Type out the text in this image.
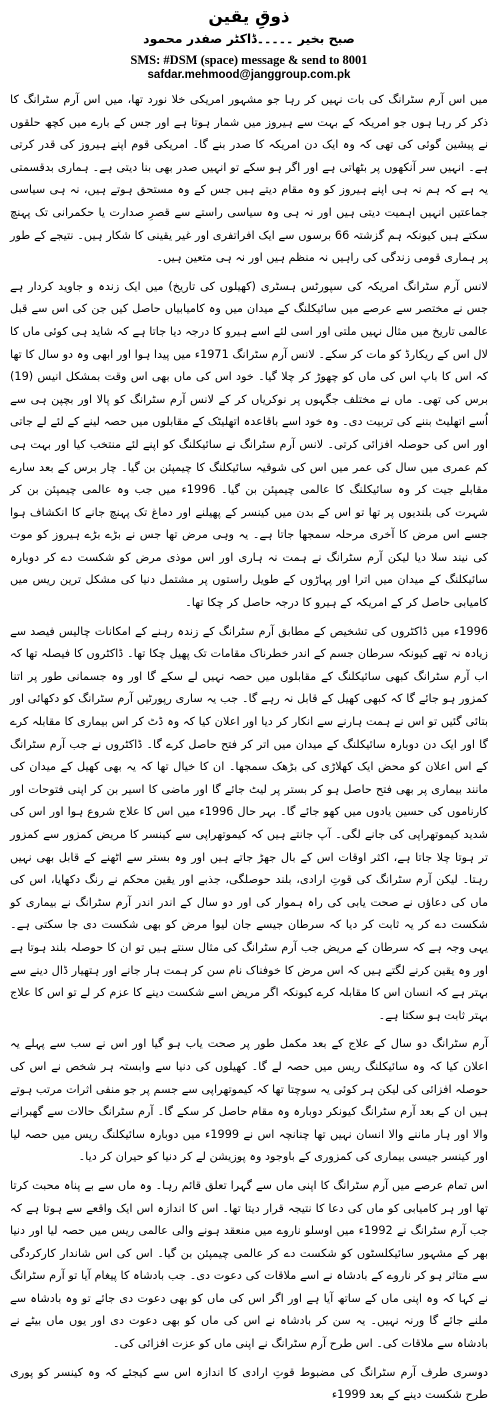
ذوقِ یقین
صبح بخیر ۔۔۔۔۔ڈاکٹر صفدر محمود
SMS: #DSM (space) message & send to 8001
safdar.mehmood@janggroup.com.pk

میں اس آرم سٹرانگ کی بات نہیں کر رہا جو مشہور امریکی خلا نورد تھا، میں اس آرم سٹرانگ کا ذکر کر رہا ہوں جو امریکہ کے بہت سے ہیروز میں شمار ہوتا ہے اور جس کے بارے میں کچھ حلقوں نے پیشین گوئی کی تھی کہ وہ ایک دن امریکہ کا صدر بنے گا۔ امریکی قوم اپنے ہیروز کی قدر کرتی ہے۔ انہیں سر آنکھوں پر بٹھاتی ہے اور اگر ہو سکے تو انہیں صدر بھی بنا دیتی ہے۔ ہماری بدقسمتی یہ ہے کہ ہم نہ ہی اپنے ہیروز کو وہ مقام دیتے ہیں جس کے وہ مستحق ہوتے ہیں، نہ ہی سیاسی جماعتیں انہیں اہمیت دیتی ہیں اور نہ ہی وہ سیاسی راستے سے قصرِ صدارت یا حکمرانی تک پہنچ سکتے ہیں کیونکہ ہم گزشتہ 66 برسوں سے ایک افراتفری اور غیر یقینی کا شکار ہیں۔ نتیجے کے طور پر ہماری قومی زندگی کی راہیں نہ منظم ہیں اور نہ ہی متعین ہیں۔

لانس آرم سٹرانگ امریکہ کی سپورٹس ہسٹری (کھیلوں کی تاریخ) میں ایک زندہ و جاوید کردار ہے جس نے مختصر سے عرصے میں سائیکلنگ کے میدان میں وہ کامیابیاں حاصل کیں جن کی اس سے قبل عالمی تاریخ میں مثال نہیں ملتی اور اسی لئے اسے ہیرو کا درجہ دیا جاتا ہے کہ شاید ہی کوئی ماں کا لال اس کے ریکارڈ کو مات کر سکے۔ لانس آرم سٹرانگ 1971ء میں پیدا ہوا اور ابھی وہ دو سال کا تھا کہ اس کا باپ اس کی ماں کو چھوڑ کر چلا گیا۔ خود اس کی ماں بھی اس وقت بمشکل انیس (19) برس کی تھی۔ ماں نے مختلف جگہوں پر نوکریاں کر کے لانس آرم سٹرانگ کو پالا اور بچپن ہی سے اُسے اتھلیٹ بننے کی تربیت دی۔ وہ خود اسے باقاعدہ اتھلیٹک کے مقابلوں میں حصہ لینے کے لئے لے جاتی اور اس کی حوصلہ افزائی کرتی۔ لانس آرم سٹرانگ نے سائیکلنگ کو اپنے لئے منتخب کیا اور بہت ہی کم عمری میں سال کی عمر میں اس کی شوقیہ سائیکلنگ کا چیمپئن بن گیا۔ چار برس کے بعد سارے مقابلے جیت کر وہ سائیکلنگ کا عالمی چیمپئن بن گیا۔ 1996ء میں جب وہ عالمی چیمپئن بن کر شہرت کی بلندیوں پر تھا تو اس کے بدن میں کینسر کے پھیلنے اور دماغ تک پہنچ جانے کا انکشاف ہوا جسے اس مرض کا آخری مرحلہ سمجھا جاتا ہے۔ یہ وہی مرض تھا جس نے بڑے بڑے ہیروز کو موت کی نیند سلا دیا لیکن آرم سٹرانگ نے ہمت نہ ہاری اور اس موذی مرض کو شکست دے کر دوبارہ سائیکلنگ کے میدان میں اترا اور پہاڑوں کے طویل راستوں پر مشتمل دنیا کی مشکل ترین ریس میں کامیابی حاصل کر کے امریکہ کے ہیرو کا درجہ حاصل کر چکا تھا۔

1996ء میں ڈاکٹروں کی تشخیص کے مطابق آرم سٹرانگ کے زندہ رہنے کے امکانات چالیس فیصد سے زیادہ نہ تھے کیونکہ سرطان جسم کے اندر خطرناک مقامات تک پھیل چکا تھا۔ ڈاکٹروں کا فیصلہ تھا کہ اب آرم سٹرانگ کبھی سائیکلنگ کے مقابلوں میں حصہ نہیں لے سکے گا اور وہ جسمانی طور پر اتنا کمزور ہو جائے گا کہ کبھی کھیل کے قابل نہ رہے گا۔ جب یہ ساری رپورٹیں آرم سٹرانگ کو دکھائی اور بتائی گئیں تو اس نے ہمت ہارنے سے انکار کر دیا اور اعلان کیا کہ وہ ڈٹ کر اس بیماری کا مقابلہ کرے گا اور ایک دن دوبارہ سائیکلنگ کے میدان میں اتر کر فتح حاصل کرے گا۔ ڈاکٹروں نے جب آرم سٹرانگ کے اس اعلان کو محض ایک کھلاڑی کی بڑھک سمجھا۔ ان کا خیال تھا کہ یہ بھی کھیل کے میدان کی مانند بیماری پر بھی فتح حاصل ہو کر بستر پر لیٹ جائے گا اور ماضی کا اسیر بن کر اپنی فتوحات اور کارناموں کی حسین یادوں میں کھو جائے گا۔ بہر حال 1996ء میں اس کا علاج شروع ہوا اور اس کی شدید کیموتھراپی کی جانے لگی۔ آپ جانتے ہیں کہ کیموتھراپی سے کینسر کا مریض کمزور سے کمزور تر ہوتا چلا جاتا ہے، اکثر اوقات اس کے بال جھڑ جاتے ہیں اور وہ بستر سے اٹھنے کے قابل بھی نہیں رہتا۔ لیکن آرم سٹرانگ کی قوتِ ارادی، بلند حوصلگی، جذبے اور یقین محکم نے رنگ دکھایا، اس کی ماں کی دعاؤں نے صحت یابی کی راہ ہموار کی اور دو سال کے اندر اندر آرم سٹرانگ نے بیماری کو شکست دے کر یہ ثابت کر دیا کہ سرطان جیسے جان لیوا مرض کو بھی شکست دی جا سکتی ہے۔ یہی وجہ ہے کہ سرطان کے مریض جب آرم سٹرانگ کی مثال سنتے ہیں تو ان کا حوصلہ بلند ہوتا ہے اور وہ یقین کرنے لگتے ہیں کہ اس مرض کا خوفناک نام سن کر ہمت ہار جانے اور ہتھیار ڈال دینے سے بہتر ہے کہ انسان اس کا مقابلہ کرے کیونکہ اگر مریض اسے شکست دینے کا عزم کر لے تو اس کا علاج بہتر ثابت ہو سکتا ہے۔

آرم سٹرانگ دو سال کے علاج کے بعد مکمل طور پر صحت یاب ہو گیا اور اس نے سب سے پہلے یہ اعلان کیا کہ وہ سائیکلنگ ریس میں حصہ لے گا۔ کھیلوں کی دنیا سے وابستہ ہر شخص نے اس کی حوصلہ افزائی کی لیکن ہر کوئی یہ سوچتا تھا کہ کیموتھراپی سے جسم پر جو منفی اثرات مرتب ہوتے ہیں ان کے بعد آرم سٹرانگ کیونکر دوبارہ وہ مقام حاصل کر سکے گا۔ آرم سٹرانگ حالات سے گھبرانے والا اور ہار ماننے والا انسان نہیں تھا چنانچہ اس نے 1999ء میں دوبارہ سائیکلنگ ریس میں حصہ لیا اور کینسر جیسی بیماری کی کمزوری کے باوجود وہ پوزیشن لے کر دنیا کو حیران کر دیا۔

اس تمام عرصے میں آرم سٹرانگ کا اپنی ماں سے گہرا تعلق قائم رہا۔ وہ ماں سے بے پناہ محبت کرتا تھا اور ہر کامیابی کو ماں کی دعا کا نتیجہ قرار دیتا تھا۔ اس کا اندازہ اس ایک واقعے سے ہوتا ہے کہ جب آرم سٹرانگ نے 1992ء میں اوسلو ناروے میں منعقد ہونے والی عالمی ریس میں حصہ لیا اور دنیا بھر کے مشہور سائیکلسٹوں کو شکست دے کر عالمی چیمپئن بن گیا۔ اس کی اس شاندار کارکردگی سے متاثر ہو کر ناروے کے بادشاہ نے اسے ملاقات کی دعوت دی۔ جب بادشاہ کا پیغام آیا تو آرم سٹرانگ نے کہا کہ وہ اپنی ماں کے ساتھ آیا ہے اور اگر اس کی ماں کو بھی دعوت دی جائے تو وہ بادشاہ سے ملنے جائے گا ورنہ نہیں۔ یہ سن کر بادشاہ نے اس کی ماں کو بھی دعوت دی اور یوں ماں بیٹے نے بادشاہ سے ملاقات کی۔ اس طرح آرم سٹرانگ نے اپنی ماں کو عزت افزائی کی۔

دوسری طرف آرم سٹرانگ کی مضبوط قوتِ ارادی کا اندازہ اس سے کیجئے کہ وہ کینسر کو پوری طرح شکست دینے کے بعد 1999ء
